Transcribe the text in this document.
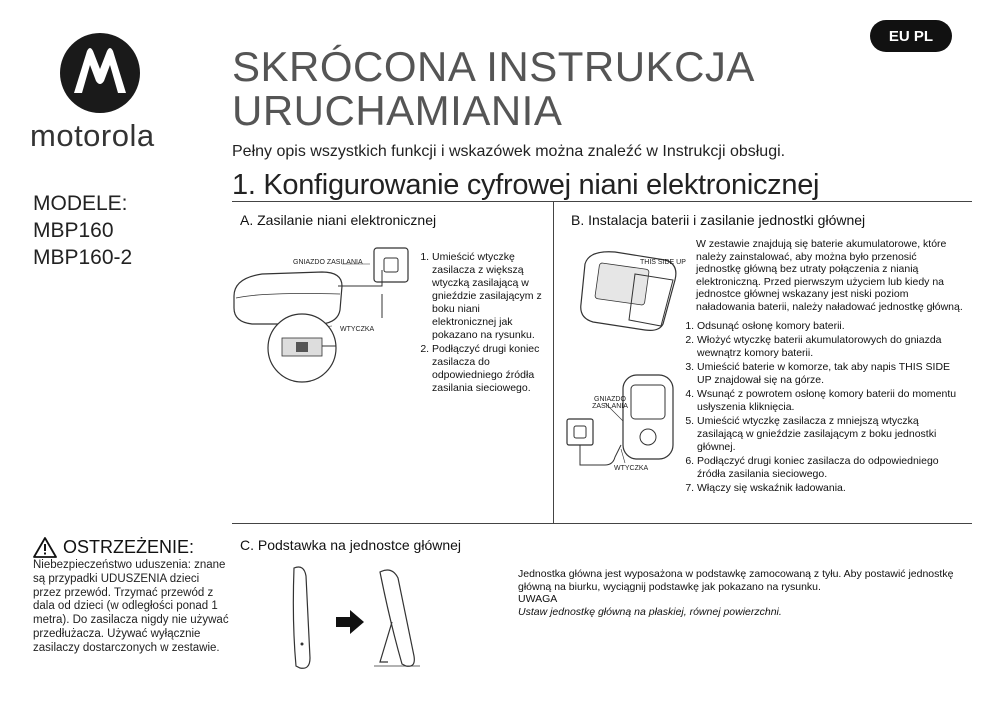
motorola
MODELE:
MBP160
MBP160-2
EU PL
SKRÓCONA INSTRUKCJA
URUCHAMIANIA
Pełny opis wszystkich funkcji i wskazówek można znaleźć w Instrukcji obsługi.
1. Konfigurowanie cyfrowej niani elektronicznej
A. Zasilanie niani elektronicznej
GNIAZDO ZASILANIA
WTYCZKA
1. Umieścić wtyczkę zasilacza z większą wtyczką zasilającą w gnieździe zasilającym z boku niani elektronicznej jak pokazano na rysunku.
2. Podłączyć drugi koniec zasilacza do odpowiedniego źródła zasilania sieciowego.
B. Instalacja baterii i zasilanie jednostki głównej
THIS SIDE UP
GNIAZDO ZASILANIA
WTYCZKA
W zestawie znajdują się baterie akumulatorowe, które należy zainstalować, aby można było przenosić jednostkę główną bez utraty połączenia z nianią elektroniczną. Przed pierwszym użyciem lub kiedy na jednostce głównej wskazany jest niski poziom naładowania baterii, należy naładować jednostkę główną.
1. Odsunąć osłonę komory baterii.
2. Włożyć wtyczkę baterii akumulatorowych do gniazda wewnątrz komory baterii.
3. Umieścić baterie w komorze, tak aby napis THIS SIDE UP znajdował się na górze.
4. Wsunąć z powrotem osłonę komory baterii do momentu usłyszenia kliknięcia.
5. Umieścić wtyczkę zasilacza z mniejszą wtyczką zasilającą w gnieździe zasilającym z boku jednostki głównej.
6. Podłączyć drugi koniec zasilacza do odpowiedniego źródła zasilania sieciowego.
7. Włączy się wskaźnik ładowania.
OSTRZEŻENIE:
Niebezpieczeństwo uduszenia: znane są przypadki UDUSZENIA dzieci przez przewód. Trzymać przewód z dala od dzieci (w odległości ponad 1 metra). Do zasilacza nigdy nie używać przedłużacza. Używać wyłącznie zasilaczy dostarczonych w zestawie.
C. Podstawka na jednostce głównej
Jednostka główna jest wyposażona w podstawkę zamocowaną z tyłu. Aby postawić jednostkę główną na biurku, wyciągnij podstawkę jak pokazano na rysunku.
UWAGA
Ustaw jednostkę główną na płaskiej, równej powierzchni.
